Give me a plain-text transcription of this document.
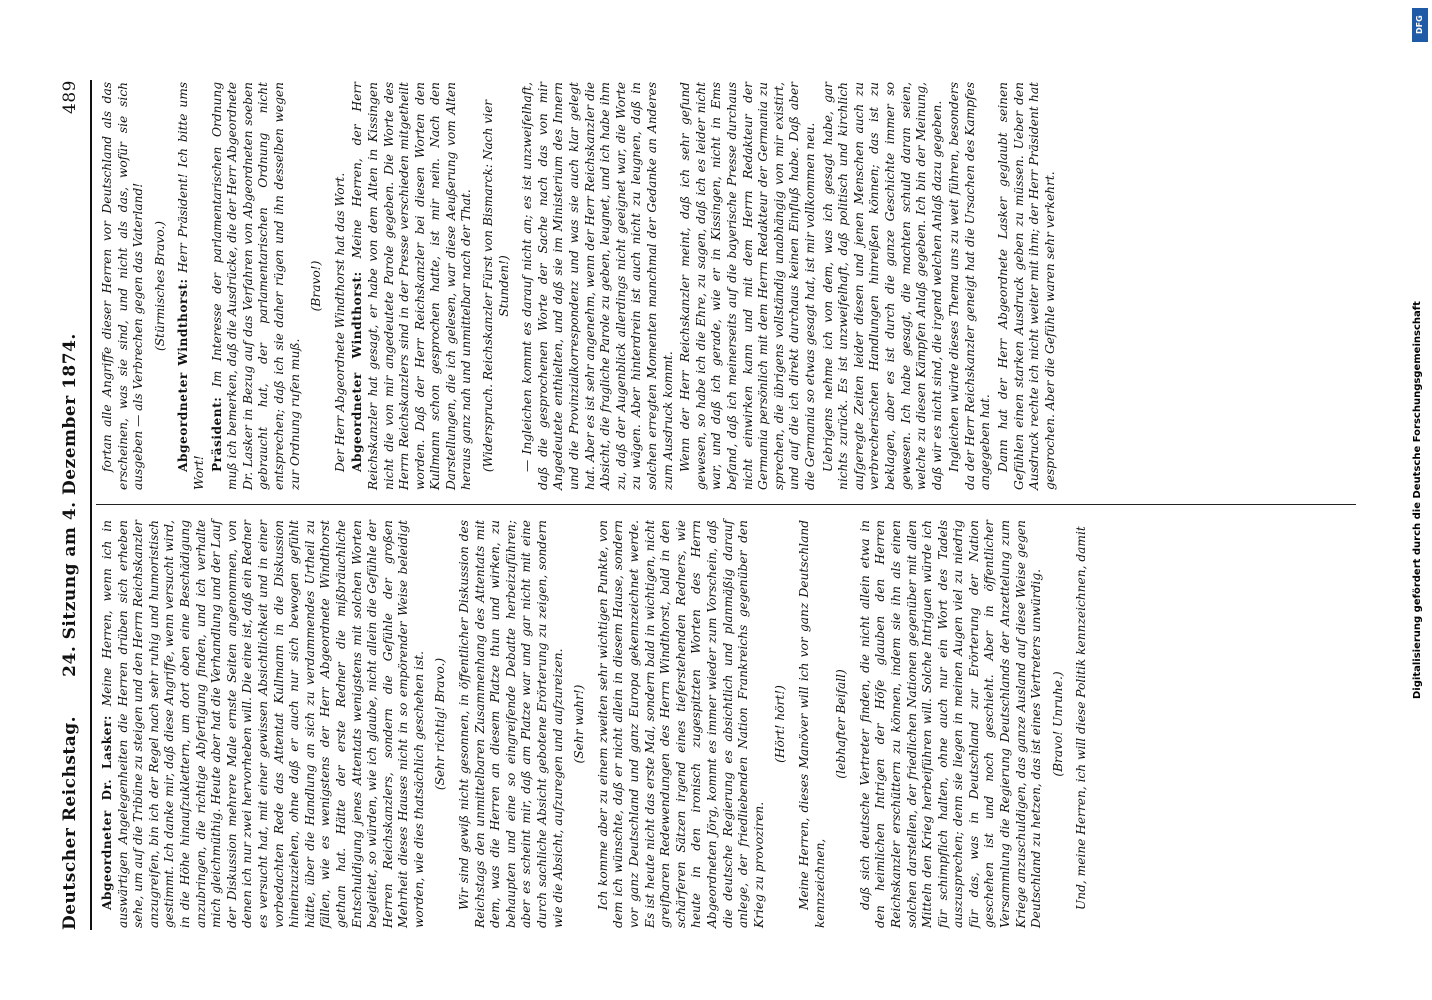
Deutscher Reichstag.
24. Sitzung am 4. Dezember 1874.
489

Abgeordneter Dr. Lasker: Meine Herren, wenn ich in auswärtigen Angelegenheiten die Herren drüben sich erheben sehe, um auf die Tribüne zu steigen und den Herrn Reichskanzler anzugreifen, bin ich der Regel nach sehr ruhig und humoristisch gestimmt. Ich danke mir, daß diese Angriffe, wenn versucht wird, in die Höhe hinaufzuklettern, um dort oben eine Beschädigung anzubringen, die richtige Abfertigung finden, und ich verhalte mich gleichmüthig. Heute aber hat die Verhandlung und der Lauf der Diskussion mehrere Male ernste Seiten angenommen, von denen ich nur zwei hervorheben will. Die eine ist, daß ein Redner es versucht hat, mit einer gewissen Absichtlichkeit und in einer vorbedachten Rede das Attentat Kullmann in die Diskussion hineinzuziehen, ohne daß er auch nur sich bewogen gefühlt hätte, über die Handlung an sich zu verdammendes Urtheil zu fällen, wie es wenigstens der Herr Abgeordnete Windthorst gethan hat. Hätte der erste Redner die mißbräuchliche Entschuldigung jenes Attentats wenigstens mit solchen Worten begleitet, so würden, wie ich glaube, nicht allein die Gefühle der Herren Reichskanzlers, sondern die Gefühle der großen Mehrheit dieses Hauses nicht in so empörender Weise beleidigt worden, wie dies thatsächlich geschehen ist. (Sehr richtig! Bravo.) Wir sind gewiß nicht gesonnen, in öffentlicher Diskussion des Reichstags den unmittelbaren Zusammenhang des Attentats mit dem, was die Herren an diesem Platze thun und wirken, zu behaupten und eine so eingreifende Debatte herbeizuführen; aber es scheint mir, daß am Platze war und gar nicht mit eine durch sachliche Absicht gebotene Erörterung zu zeigen, sondern wie die Absicht, aufzuregen und aufzureizen. (Sehr wahr!) Ich komme aber zu einem zweiten sehr wichtigen Punkte, von dem ich wünschte, daß er nicht allein in diesem Hause, sondern vor ganz Deutschland und ganz Europa gekennzeichnet werde. Es ist heute nicht das erste Mal, sondern bald in wichtigen, nicht greifbaren Redewendungen des Herrn Windthorst, bald in den schärferen Sätzen irgend eines tieferstehenden Redners, wie heute in den ironisch zugespitzten Worten des Herrn Abgeordneten Jörg, kommt es immer wieder zum Vorschein, daß die deutsche Regierung es absichtlich und planmäßig darauf anlege, der friedliebenden Nation Frankreichs gegenüber den Krieg zu provoziren.

(Hört! hört!) Meine Herren, dieses Manöver will ich vor ganz Deutschland kennzeichnen,

(lebhafter Beifall) daß sich deutsche Vertreter finden, die nicht allein etwa in den heimlichen Intrigen der Höfe glauben den Herren Reichskanzler erschüttern zu können, indem sie ihn als einen solchen darstellen, der friedlichen Nationen gegenüber mit allen Mitteln den Krieg herbeiführen will. Solche Intriguen würde ich für schimpflich halten, ohne auch nur ein Wort des Tadels auszusprechen; denn sie liegen in meinen Augen viel zu niedrig für das, was in Deutschland zur Erörterung der Nation geschehen ist und noch geschieht. Aber in öffentlicher Versammlung die Regierung Deutschlands der Anzettelung zum Kriege anzuschuldigen, das ganze Ausland auf diese Weise gegen Deutschland zu hetzen, das ist eines Vertreters unwürdig. (Bravo! Unruhe.) Und, meine Herren, ich will diese Politik kennzeichnen, damit

fortan alle Angriffe dieser Herren vor Deutschland als das erscheinen, was sie sind, und nicht als das, wofür sie sich ausgeben — als Verbrechen gegen das Vaterland! (Stürmisches Bravo.) Abgeordneter Windthorst: Herr Präsident! Ich bitte ums Wort!

Präsident: Im Interesse der parlamentarischen Ordnung muß ich bemerken, daß die Ausdrücke, die der Herr Abgeordnete Dr. Lasker in Bezug auf das Verfahren von Abgeordneten soeben gebraucht hat, der parlamentarischen Ordnung nicht entsprechen; daß ich sie daher rügen und ihn desselben wegen zur Ordnung rufen muß.

(Bravo!) Der Herr Abgeordnete Windthorst hat das Wort. Abgeordneter Windthorst: Meine Herren, der Herr Reichskanzler hat gesagt, er habe von dem Alten in Kissingen nicht die von mir angedeutete Parole gegeben. Die Worte des Herrn Reichskanzlers sind in der Presse verschieden mitgetheilt worden. Daß der Herr Reichskanzler bei diesen Worten den Kullmann schon gesprochen hatte, ist mir nein. Nach den Darstellungen, die ich gelesen, war diese Aeußerung vom Alten heraus ganz nah und unmittelbar nach der That. (Widerspruch. Reichskanzler Fürst von Bismarck: Nach vier Stunden!) — Ingleichen kommt es darauf nicht an; es ist unzweifelhaft, daß die gesprochenen Worte der Sache nach das von mir Angedeutete enthielten, und daß sie im Ministerium des Innern und die Provinzialkorrespondenz und was sie auch klar gelegt hat. Aber es ist sehr angenehm, wenn der Herr Reichskanzler die Absicht, die fragliche Parole zu geben, leugnet, und ich habe ihm zu, daß der Augenblick allerdings nicht geeignet war, die Worte zu wägen. Aber hinterdrein ist auch nicht zu leugnen, daß in solchen erregten Momenten manchmal der Gedanke an Anderes zum Ausdruck kommt. Wenn der Herr Reichskanzler meint, daß ich sehr gefund gewesen, so habe ich die Ehre, zu sagen, daß ich es leider nicht war, und daß ich gerade, wie er in Kissingen, nicht in Ems befand, daß ich meinerseits auf die bayerische Presse durchaus nicht einwirken kann und mit dem Herrn Redakteur der Germania persönlich mit dem Herrn Redakteur der Germania zu sprechen, die übrigens vollständig unabhängig von mir existirt, und auf die ich direkt durchaus keinen Einfluß habe. Daß aber die Germania so etwas gesagt hat, ist mir vollkommen neu. Uebrigens nehme ich von dem, was ich gesagt habe, gar nichts zurück. Es ist unzweifelhaft, daß politisch und kirchlich aufgeregte Zeiten leider diesen und jenen Menschen auch zu verbrecherischen Handlungen hinreißen können; das ist zu beklagen, aber es ist durch die ganze Geschichte immer so gewesen. Ich habe gesagt, die machten schuld daran seien, welche zu diesen Kämpfen Anlaß gegeben. Ich bin der Meinung, daß wir es nicht sind, die irgend welchen Anlaß dazu gegeben. Ingleichen würde dieses Thema uns zu weit führen, besonders da der Herr Reichskanzler geneigt hat die Ursachen des Kampfes angegeben hat. Dann hat der Herr Abgeordnete Lasker geglaubt seinen Gefühlen einen starken Ausdruck geben zu müssen. Ueber den Ausdruck rechte ich nicht weiter mit ihm; der Herr Präsident hat gesprochen. Aber die Gefühle waren sehr verkehrt.

DFG
Digitalisierung gefördert durch die Deutsche Forschungsgemeinschaft
